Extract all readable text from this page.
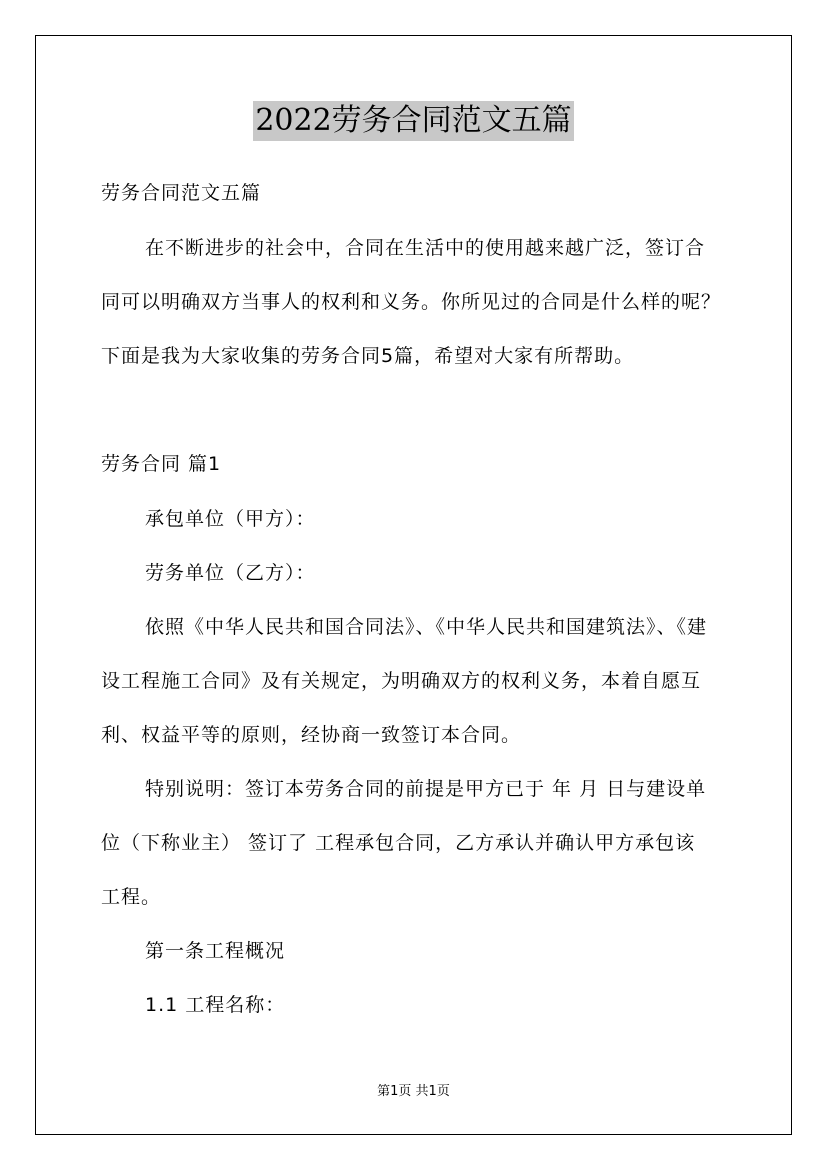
2022劳务合同范文五篇
劳务合同范文五篇
在不断进步的社会中，合同在生活中的使用越来越广泛，签订合
同可以明确双方当事人的权利和义务。你所见过的合同是什么样的呢？
下面是我为大家收集的劳务合同5篇，希望对大家有所帮助。
劳务合同 篇1
承包单位（甲方）：
劳务单位（乙方）：
依照《中华人民共和国合同法》、《中华人民共和国建筑法》、《建
设工程施工合同》及有关规定，为明确双方的权利义务，本着自愿互
利、权益平等的原则，经协商一致签订本合同。
特别说明：签订本劳务合同的前提是甲方已于 年 月 日与建设单
位（下称业主） 签订了 工程承包合同，乙方承认并确认甲方承包该
工程。
第一条工程概况
1.1 工程名称：
第1页 共1页
